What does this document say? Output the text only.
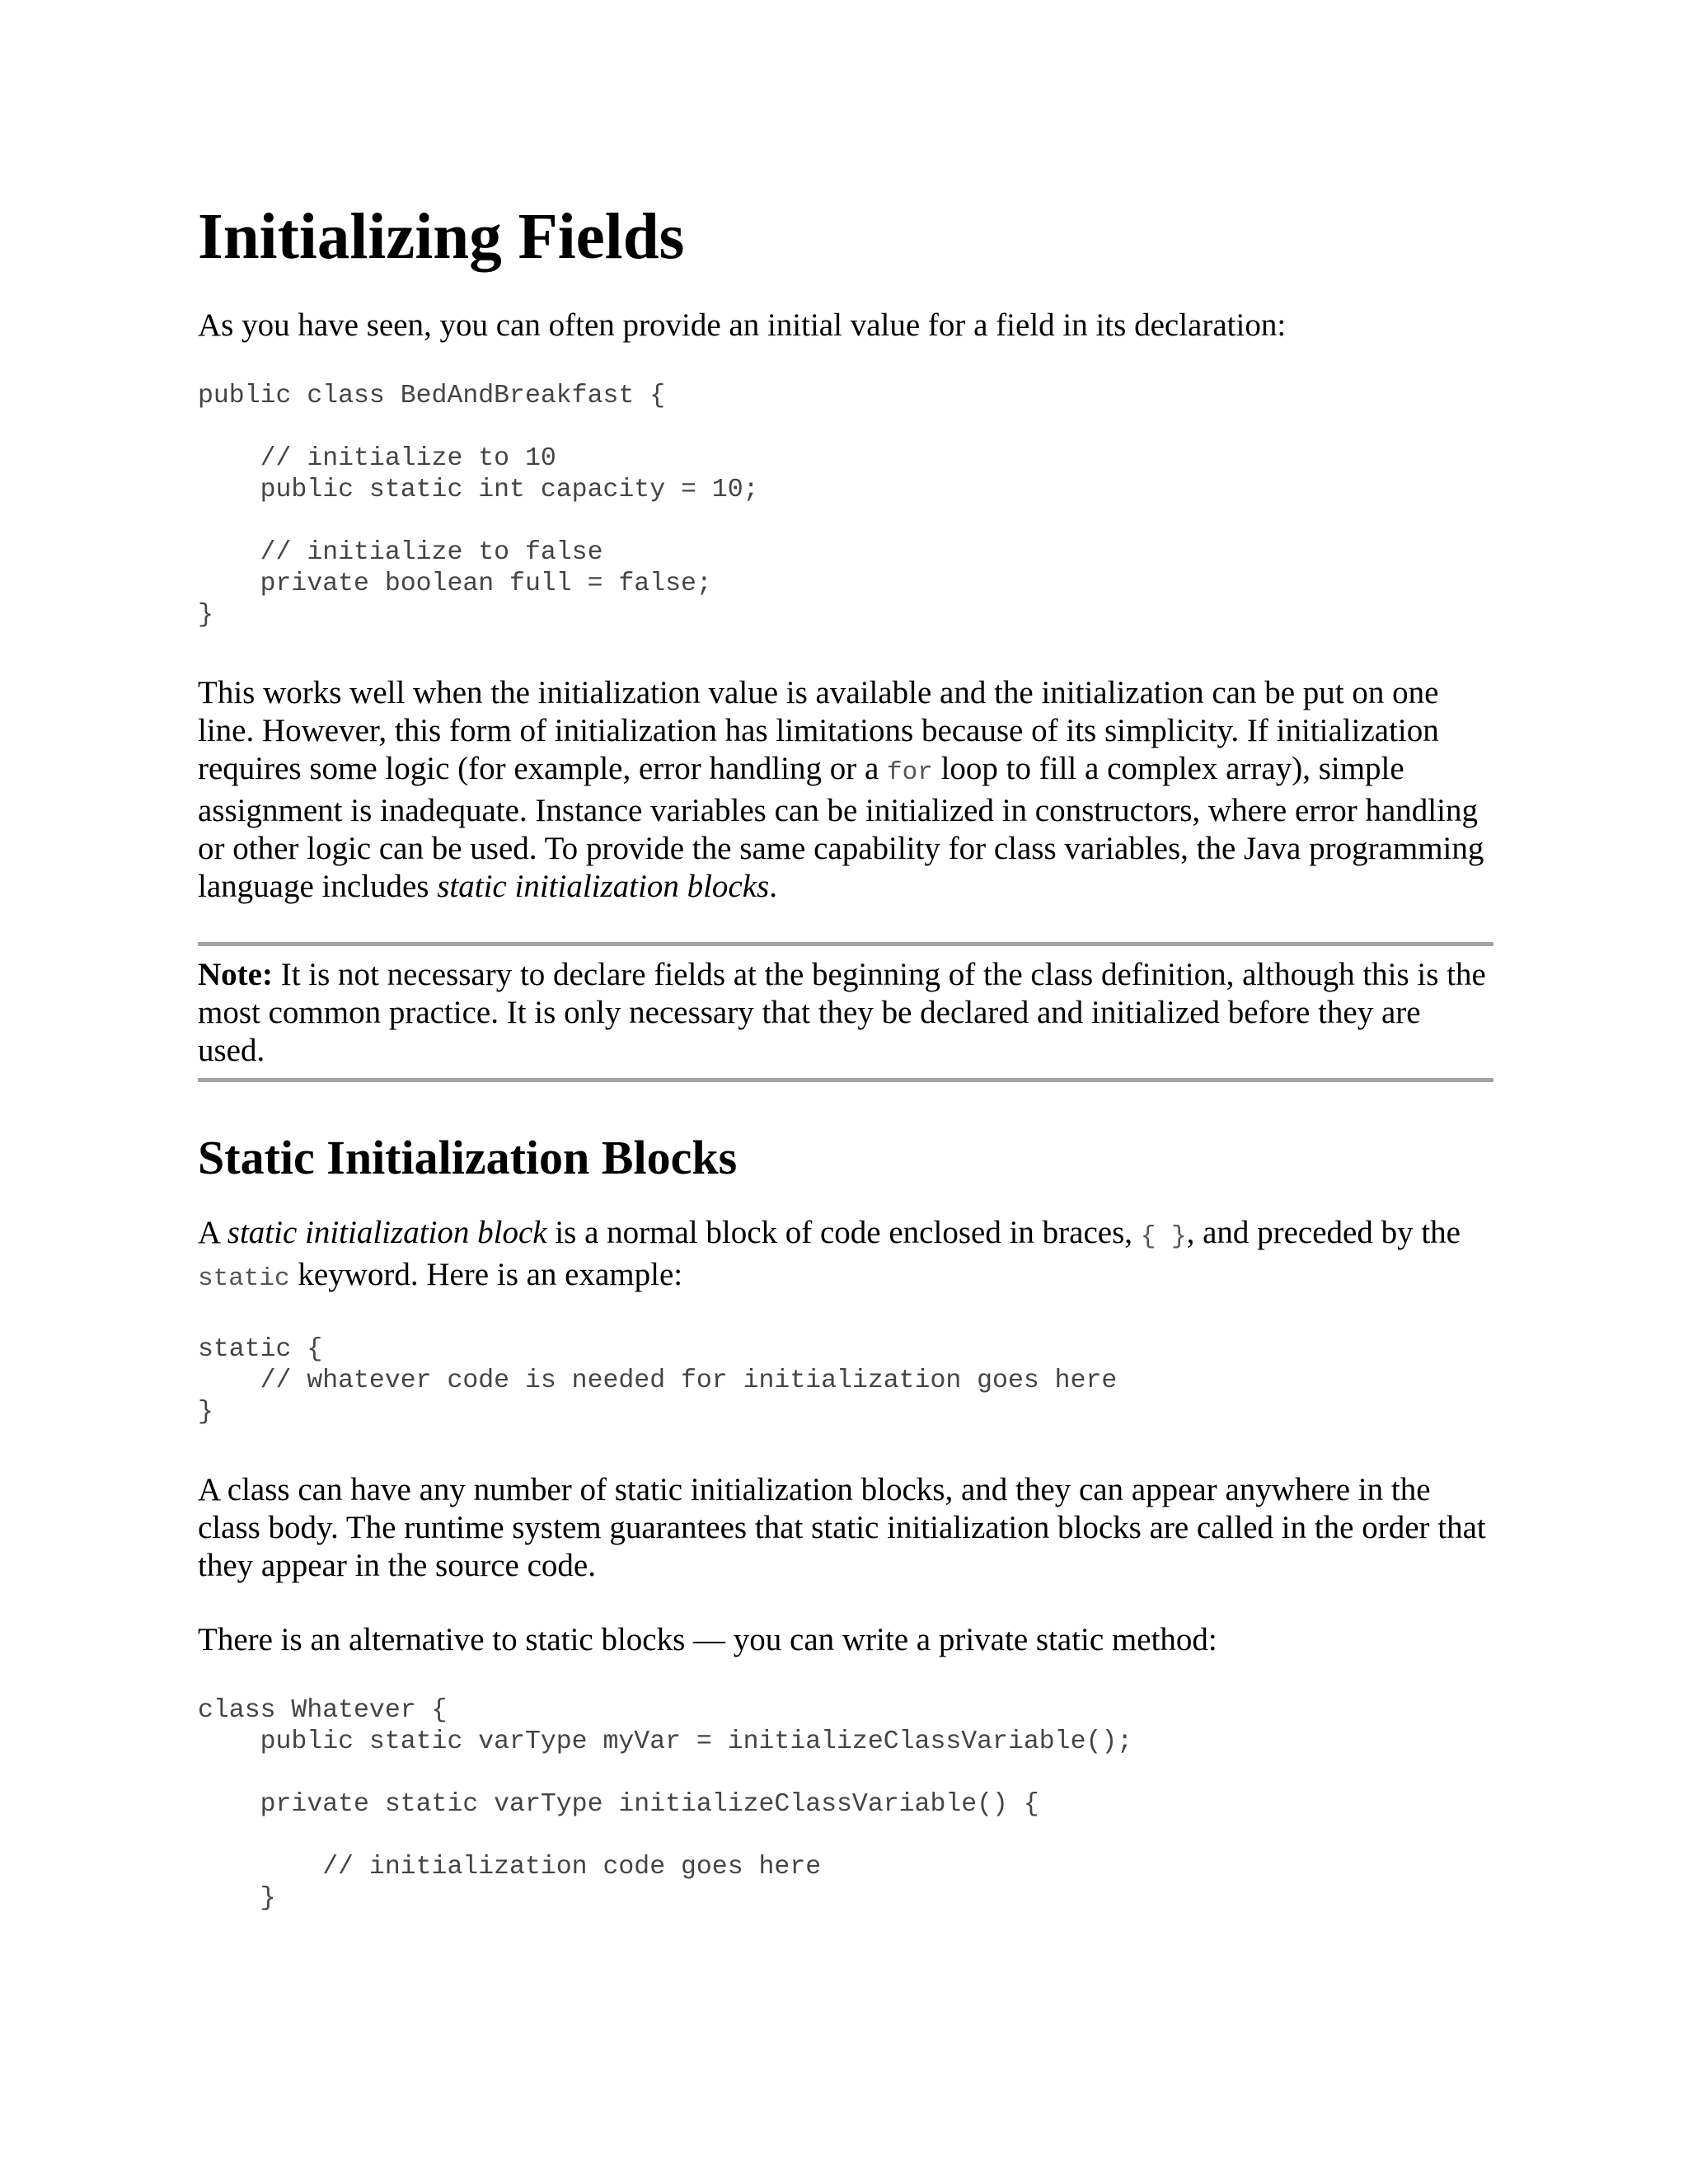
Initializing Fields

As you have seen, you can often provide an initial value for a field in its declaration:

public class BedAndBreakfast {
// initialize to 10
public static int capacity = 10;
// initialize to false
private boolean full = false;
}

This works well when the initialization value is available and the initialization can be put on one line. However, this form of initialization has limitations because of its simplicity. If initialization requires some logic (for example, error handling or a for loop to fill a complex array), simple assignment is inadequate. Instance variables can be initialized in constructors, where error handling or other logic can be used. To provide the same capability for class variables, the Java programming language includes static initialization blocks.

Note: It is not necessary to declare fields at the beginning of the class definition, although this is the most common practice. It is only necessary that they be declared and initialized before they are used.
Static Initialization Blocks

A static initialization block is a normal block of code enclosed in braces, { }, and preceded by the static keyword. Here is an example:

static {
// whatever code is needed for initialization goes here
}

A class can have any number of static initialization blocks, and they can appear anywhere in the class body. The runtime system guarantees that static initialization blocks are called in the order that they appear in the source code.

There is an alternative to static blocks — you can write a private static method:

class Whatever {
public static varType myVar = initializeClassVariable();
private static varType initializeClassVariable() {
// initialization code goes here
}
